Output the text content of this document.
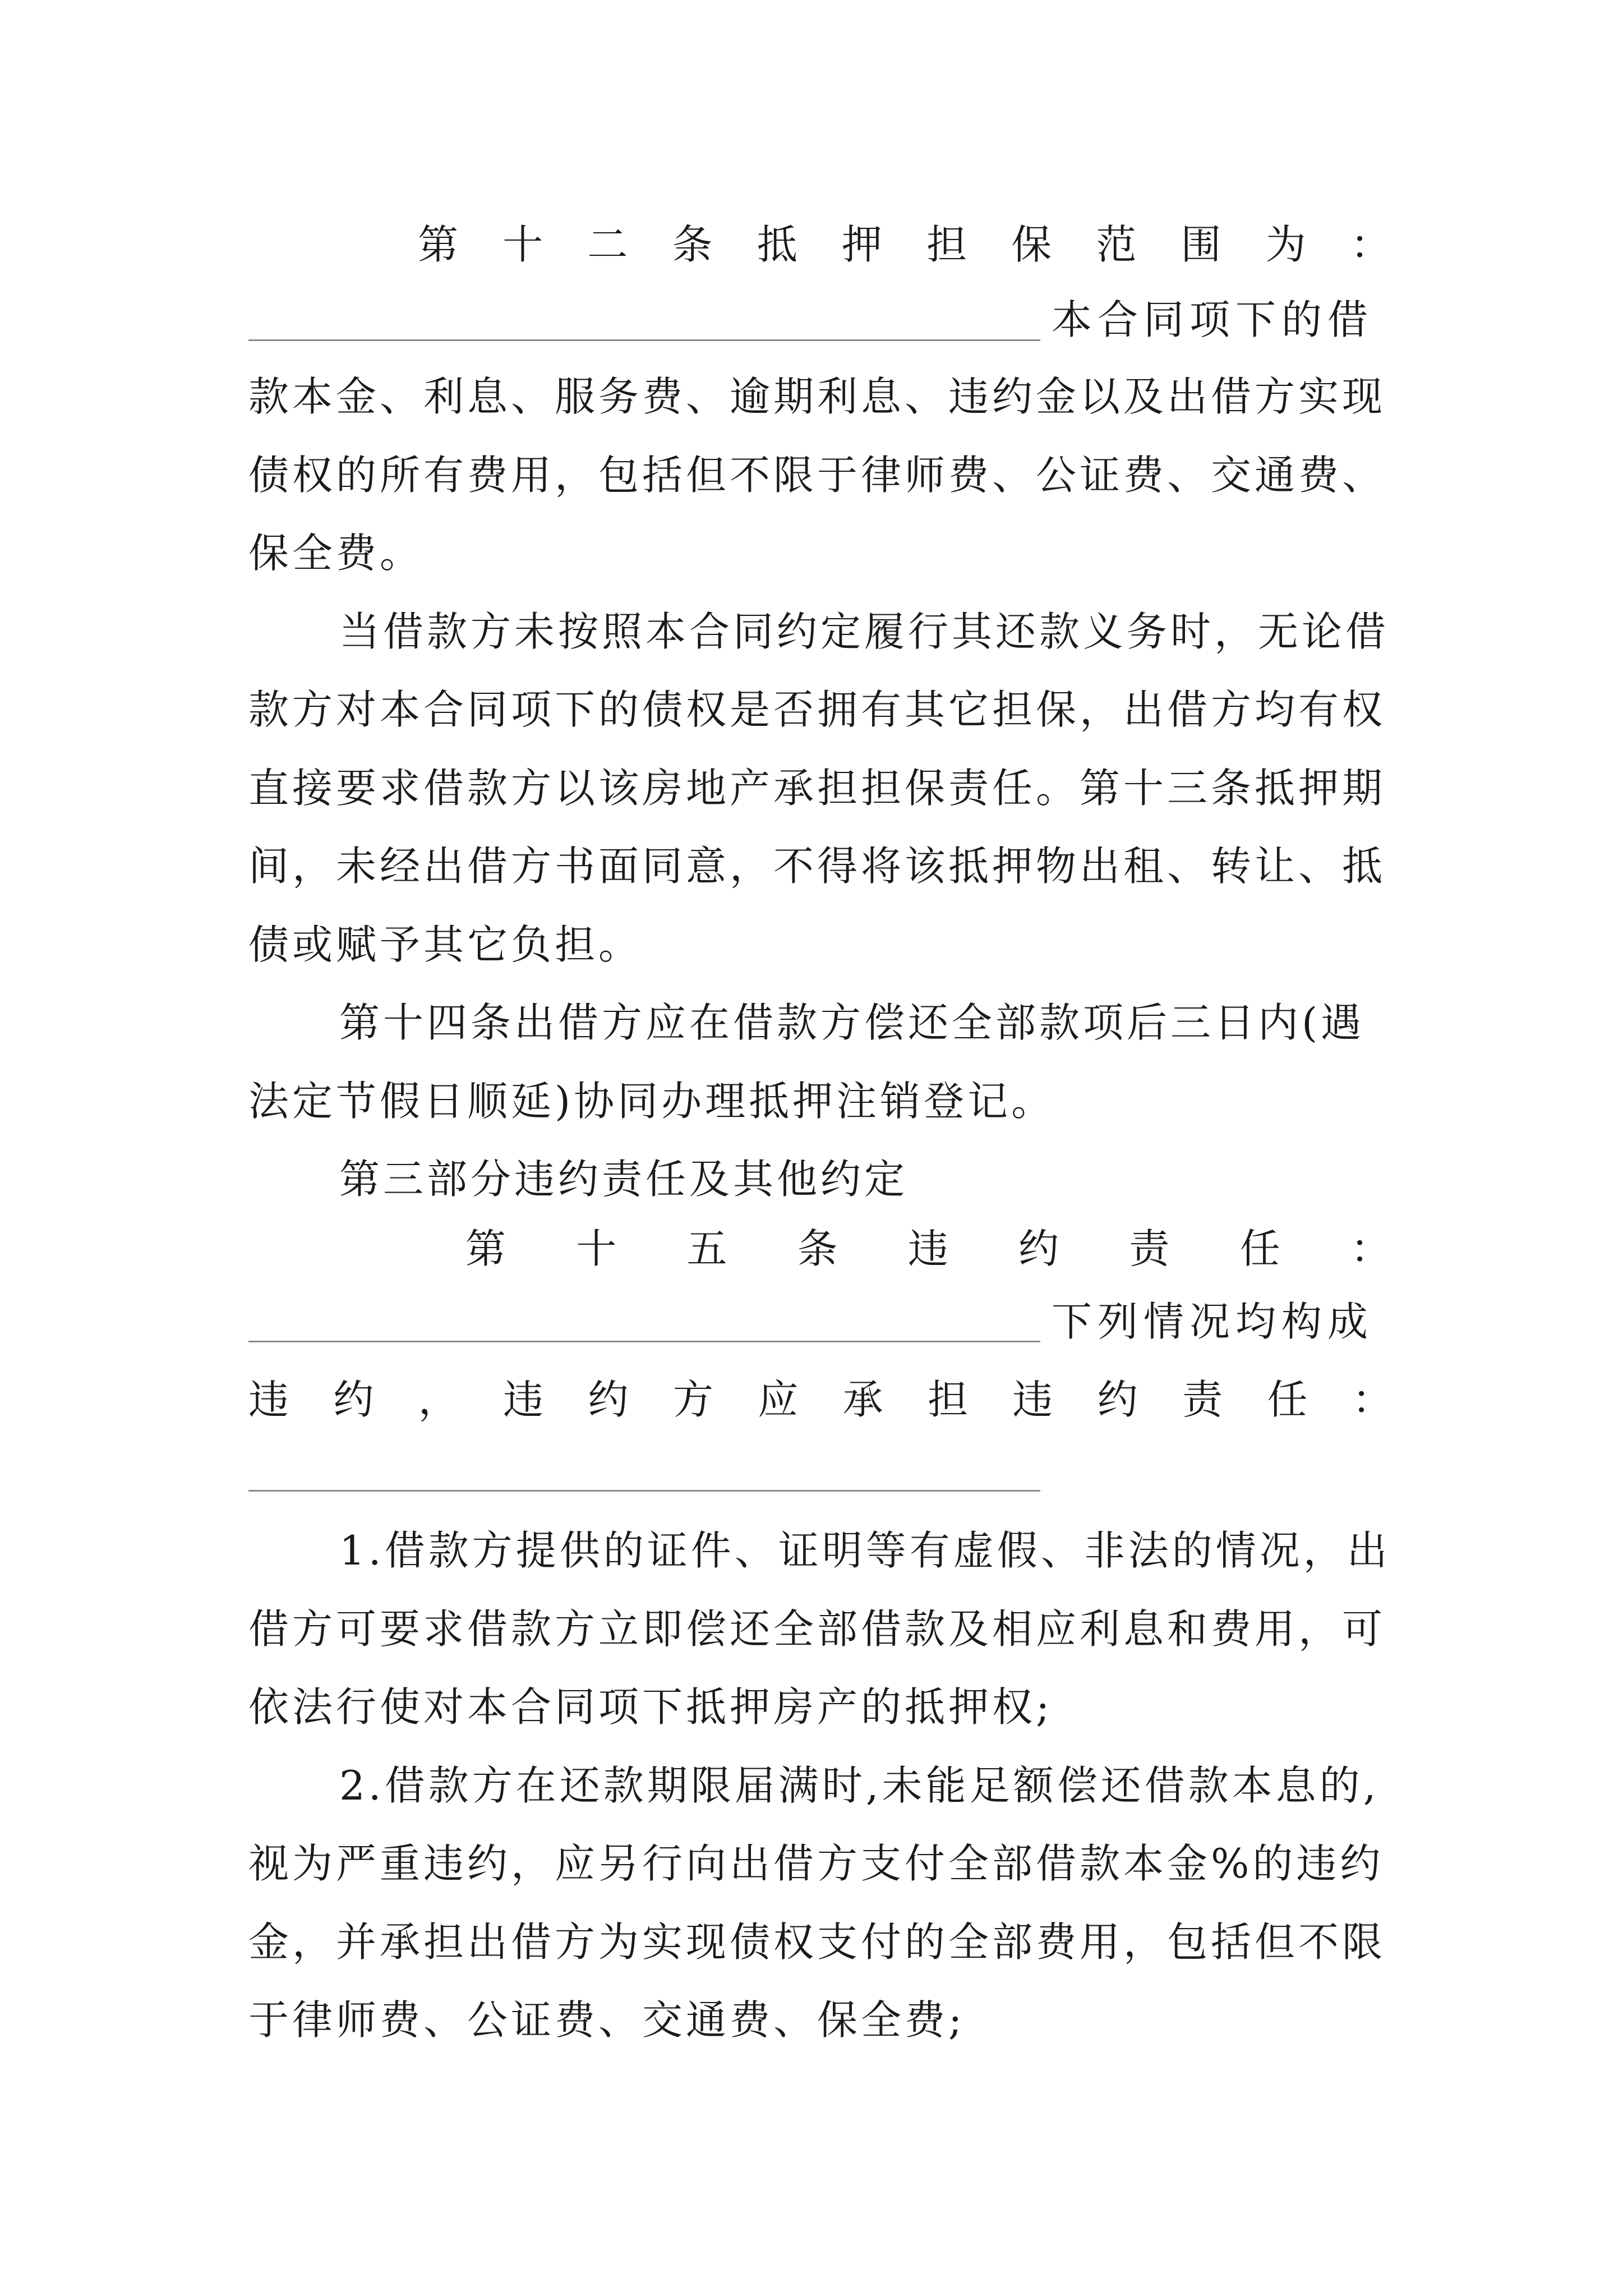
第 十 二 条 抵 押 担 保 范 围 为 ：
本合同项下的借
款本金、利息、服务费、逾期利息、违约金以及出借方实现
债权的所有费用，包括但不限于律师费、公证费、交通费、
保全费。
当借款方未按照本合同约定履行其还款义务时，无论借
款方对本合同项下的债权是否拥有其它担保，出借方均有权
直接要求借款方以该房地产承担担保责任。第十三条抵押期
间，未经出借方书面同意，不得将该抵押物出租、转让、抵
债或赋予其它负担。
第十四条出借方应在借款方偿还全部款项后三日内(遇
法定节假日顺延)协同办理抵押注销登记。
第三部分违约责任及其他约定
第 十 五 条 违 约 责 任 ：
下列情况均构成
违 约 ， 违 约 方 应 承 担 违 约 责 任 ：
1.借款方提供的证件、证明等有虚假、非法的情况，出
借方可要求借款方立即偿还全部借款及相应利息和费用，可
依法行使对本合同项下抵押房产的抵押权;
2.借款方在还款期限届满时,未能足额偿还借款本息的,
视为严重违约，应另行向出借方支付全部借款本金%的违约
金，并承担出借方为实现债权支付的全部费用，包括但不限
于律师费、公证费、交通费、保全费;
